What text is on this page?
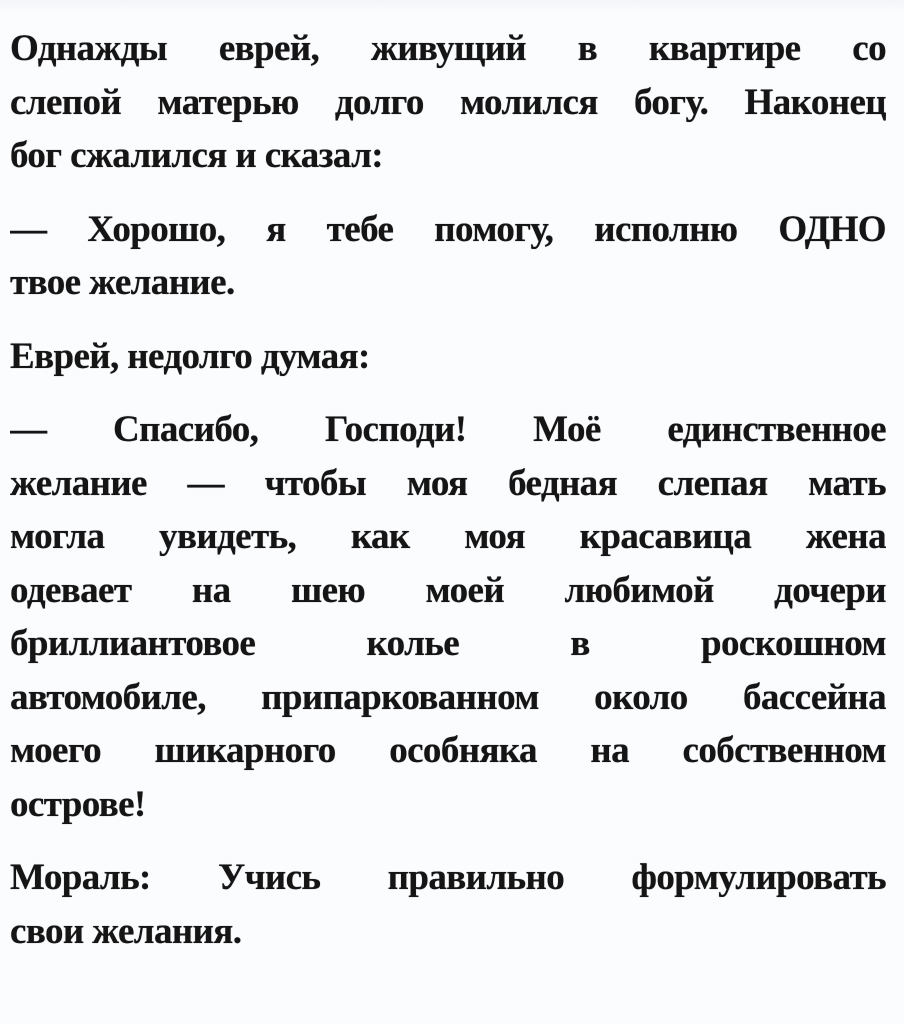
Однажды еврей, живущий в квартире со
слепой матерью долго молился богу. Наконец
бог сжалился и сказал:
— Хорошо, я тебе помогу, исполню ОДНО
твое желание.
Еврей, недолго думая:
— Спасибо, Господи! Моё единственное
желание — чтобы моя бедная слепая мать
могла увидеть, как моя красавица жена
одевает на шею моей любимой дочери
бриллиантовое колье в роскошном
автомобиле, припаркованном около бассейна
моего шикарного особняка на собственном
острове!
Мораль: Учись правильно формулировать
свои желания.
